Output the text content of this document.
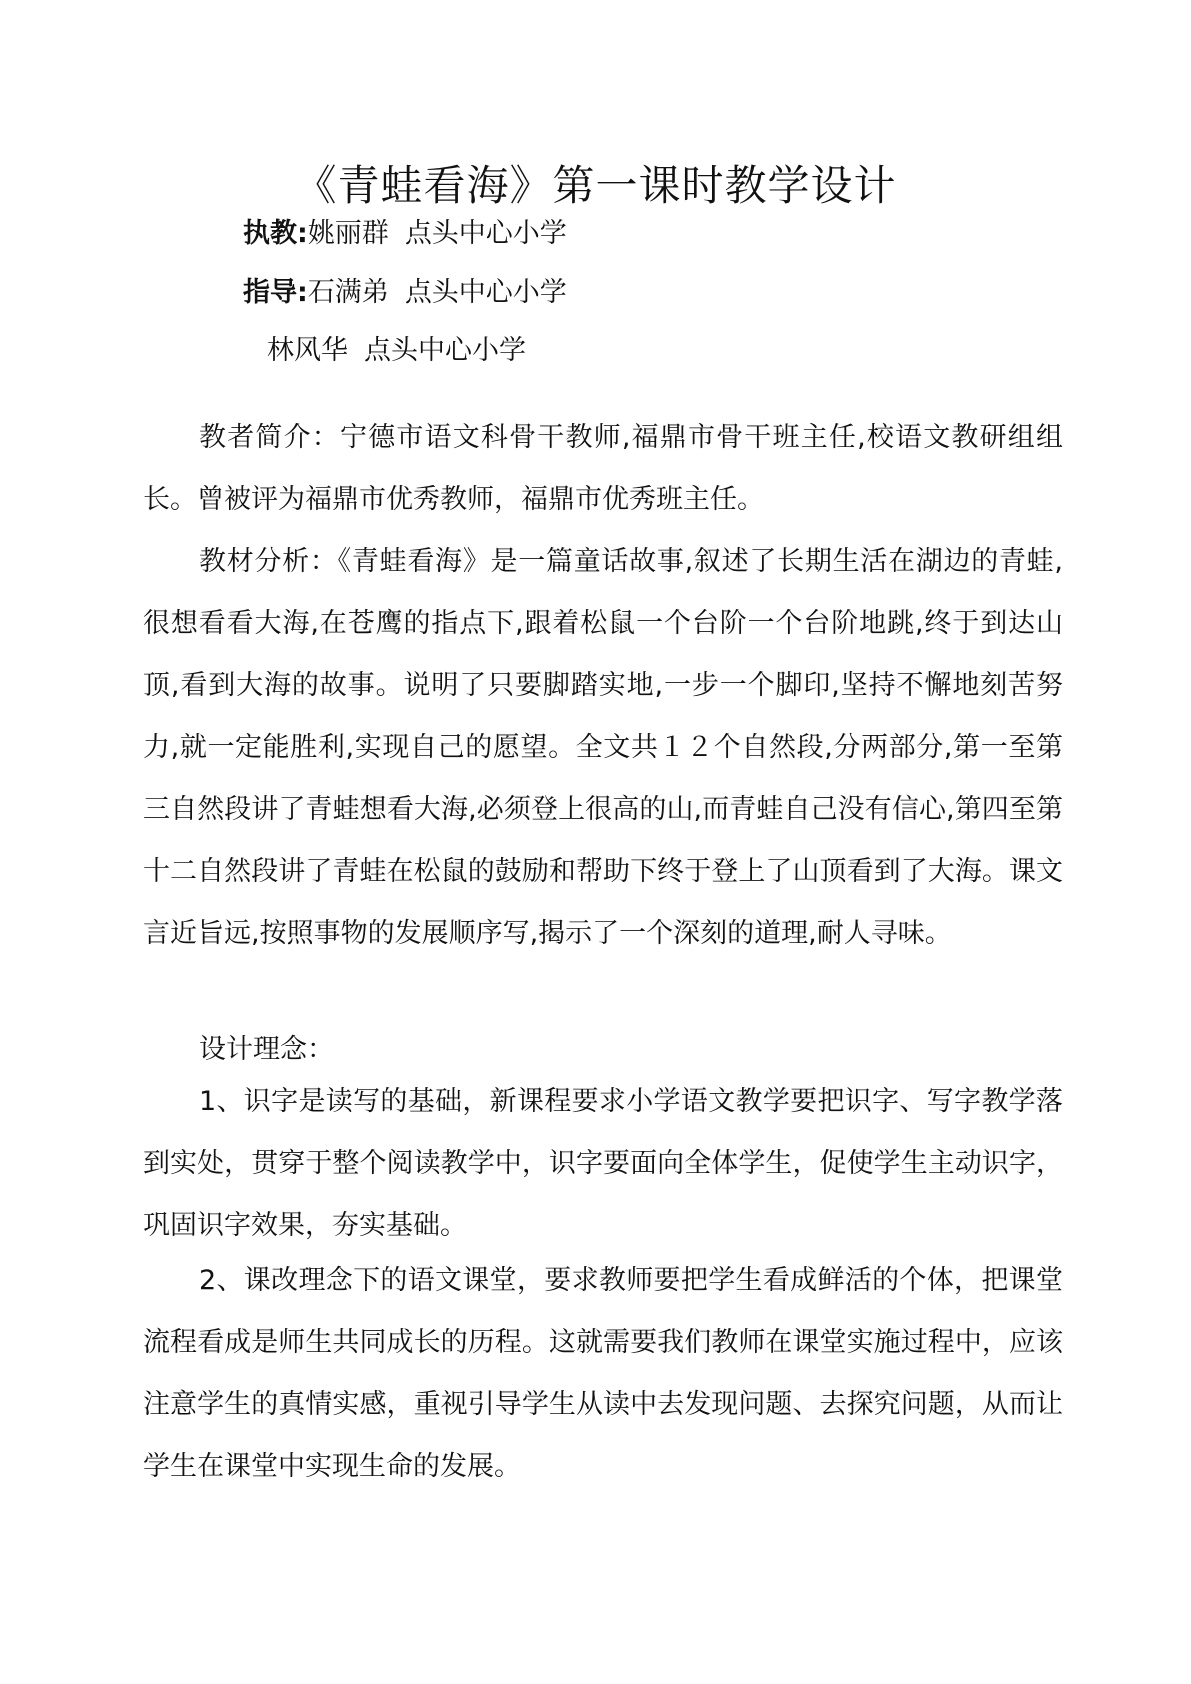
《青蛙看海》第一课时教学设计
执教:姚丽群 点头中心小学
指导:石满弟 点头中心小学
林风华 点头中心小学

教者简介：宁德市语文科骨干教师,福鼎市骨干班主任,校语文教研组组长。曾被评为福鼎市优秀教师，福鼎市优秀班主任。

教材分析：《青蛙看海》是一篇童话故事,叙述了长期生活在湖边的青蛙,很想看看大海,在苍鹰的指点下,跟着松鼠一个台阶一个台阶地跳,终于到达山顶,看到大海的故事。说明了只要脚踏实地,一步一个脚印,坚持不懈地刻苦努力,就一定能胜利,实现自己的愿望。全文共１２个自然段,分两部分,第一至第三自然段讲了青蛙想看大海,必须登上很高的山,而青蛙自己没有信心,第四至第十二自然段讲了青蛙在松鼠的鼓励和帮助下终于登上了山顶看到了大海。课文言近旨远,按照事物的发展顺序写,揭示了一个深刻的道理,耐人寻味。

设计理念：

1、识字是读写的基础，新课程要求小学语文教学要把识字、写字教学落到实处，贯穿于整个阅读教学中，识字要面向全体学生，促使学生主动识字，巩固识字效果，夯实基础。

2、课改理念下的语文课堂，要求教师要把学生看成鲜活的个体，把课堂流程看成是师生共同成长的历程。这就需要我们教师在课堂实施过程中，应该注意学生的真情实感，重视引导学生从读中去发现问题、去探究问题，从而让学生在课堂中实现生命的发展。
